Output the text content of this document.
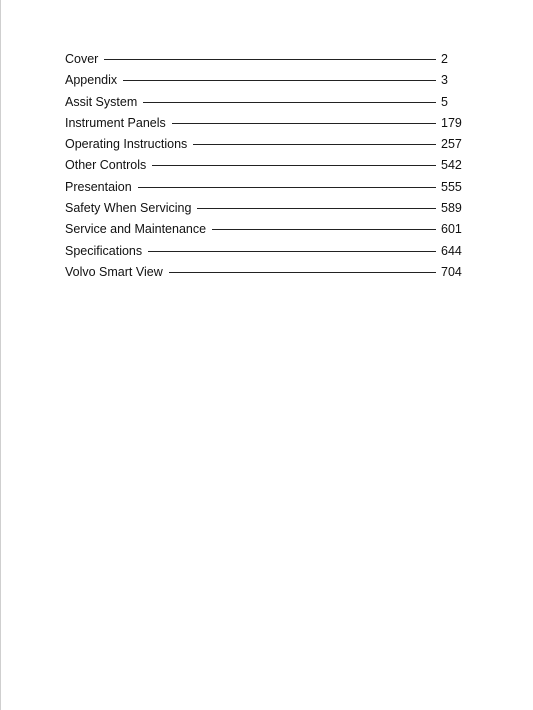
Cover	2
Appendix	3
Assit System	5
Instrument Panels	179
Operating Instructions	257
Other Controls	542
Presentaion	555
Safety When Servicing	589
Service and Maintenance	601
Specifications	644
Volvo Smart View	704
